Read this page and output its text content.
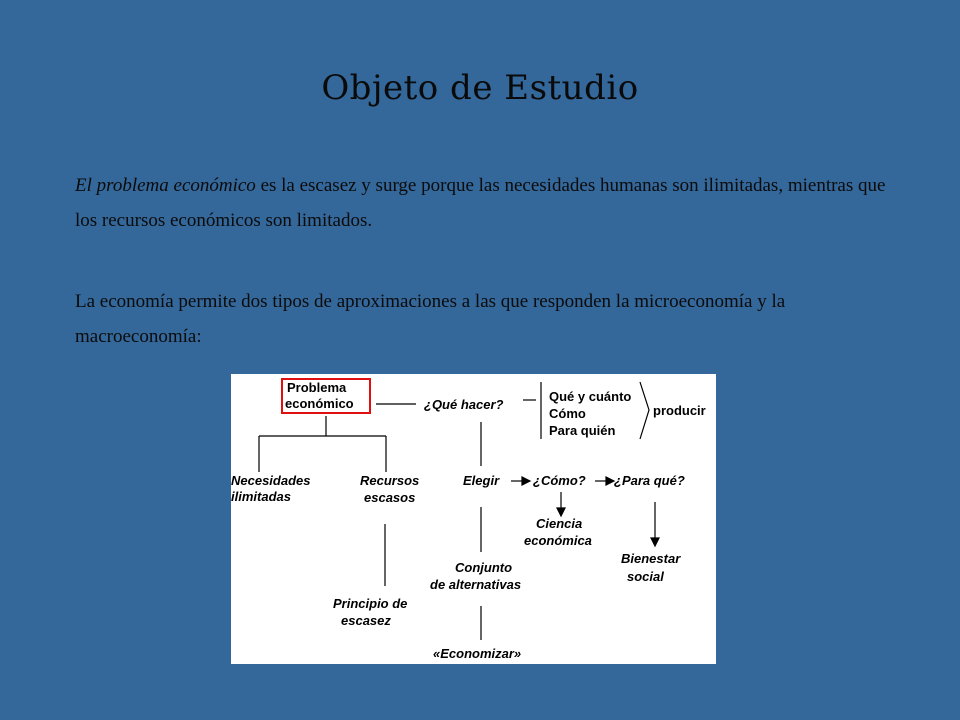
Objeto de Estudio
El problema económico es la escasez y surge porque las necesidades humanas son ilimitadas, mientras que los recursos económicos son limitados.
La economía permite dos tipos de aproximaciones a las que responden la microeconomía y la macroeconomía:
Problema
económico	¿Qué hacer?
Qué y cuánto
Cómo
Para quién
producir
Necesidades
ilimitadas
Recursos
escasos
Elegir	¿Cómo? ¿Para qué?
Ciencia
económica
Bienestar
social
Conjunto
de alternativas
Principio de
escasez
«Economizar»
